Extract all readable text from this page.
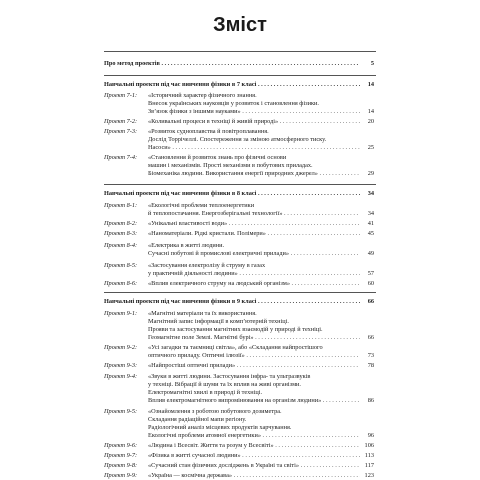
Зміст
Про метод проектів . . .	5
Навчальні проекти під час вивчення фізики в 7 класі . . .	14
Проект 7-1: «Історичний характер фізичного знання.
Внесок українських науковців у розвиток і становлення фізики.
Зв’язок фізики з іншими науками» . . .	14
Проект 7-2: «Коливальні процеси в техніці й живій природі» . . .	20
Проект 7-3: «Розвиток судноплавства й повітроплавання.
Дослід Торрічеллі. Спостереження за зміною атмосферного тиску.
Насоси» . . .	25
Проект 7-4: «Становлення й розвиток знань про фізичні основи
машин і механізмів. Прості механізми в побутових приладах.
Біомеханіка людини. Використання енергії природних джерел» . . .	29
Навчальні проекти під час вивчення фізики в 8 класі . . .	34
Проект 8-1: «Екологічні проблеми теплоенергетики
й теплопостачання. Енергозберігальні технології» . . .	34
Проект 8-2: «Унікальні властивості води» . . .	41
Проект 8-3: «Наноматеріали. Рідкі кристали. Полімери» . . .	45
Проект 8-4: «Електрика в житті людини.
Сучасні побутові й промислові електричні прилади» . . .	49
Проект 8-5: «Застосування електролізу й струму в газах
у практичній діяльності людини» . . .	57
Проект 8-6: «Вплив електричного струму на людський організм» . . .	60
Навчальні проекти під час вивчення фізики в 9 класі . . .	66
Проект 9-1: «Магнітні матеріали та їх використання.
Магнітний запис інформації в комп’ютерній техніці.
Прояви та застосування магнітних взаємодій у природі й техніці.
Геомагнітне поле Землі. Магнітні бурі» . . .	66
Проект 9-2: «Усі загадки та таємниці світла», або «Складання найпростішого
оптичного приладу. Оптичні ілюзії» . . .	73
Проект 9-3: «Найпростіші оптичні прилади» . . .	78
Проект 9-4: «Звуки в житті людини. Застосування інфра- та ультразвуків
у техніці. Вібрації й шуми та їх вплив на живі організми.
Електромагнітні хвилі в природі й техніці.
Вплив електромагнітного випромінювання на організм людини» . . .	86
Проект 9-5: «Ознайомлення з роботою побутового дозиметра.
Складання радіаційної мапи регіону.
Радіологічний аналіз місцевих продуктів харчування.
Екологічні проблеми атомної енергетики» . . .	96
Проект 9-6: «Людина і Всесвіт. Життя та розум у Всесвіті» . . .	106
Проект 9-7: «Фізика в житті сучасної людини» . . .	113
Проект 9-8: «Сучасний стан фізичних досліджень в Україні та світі» . . .	117
Проект 9-9: «Україна — космічна держава» . . .	123
